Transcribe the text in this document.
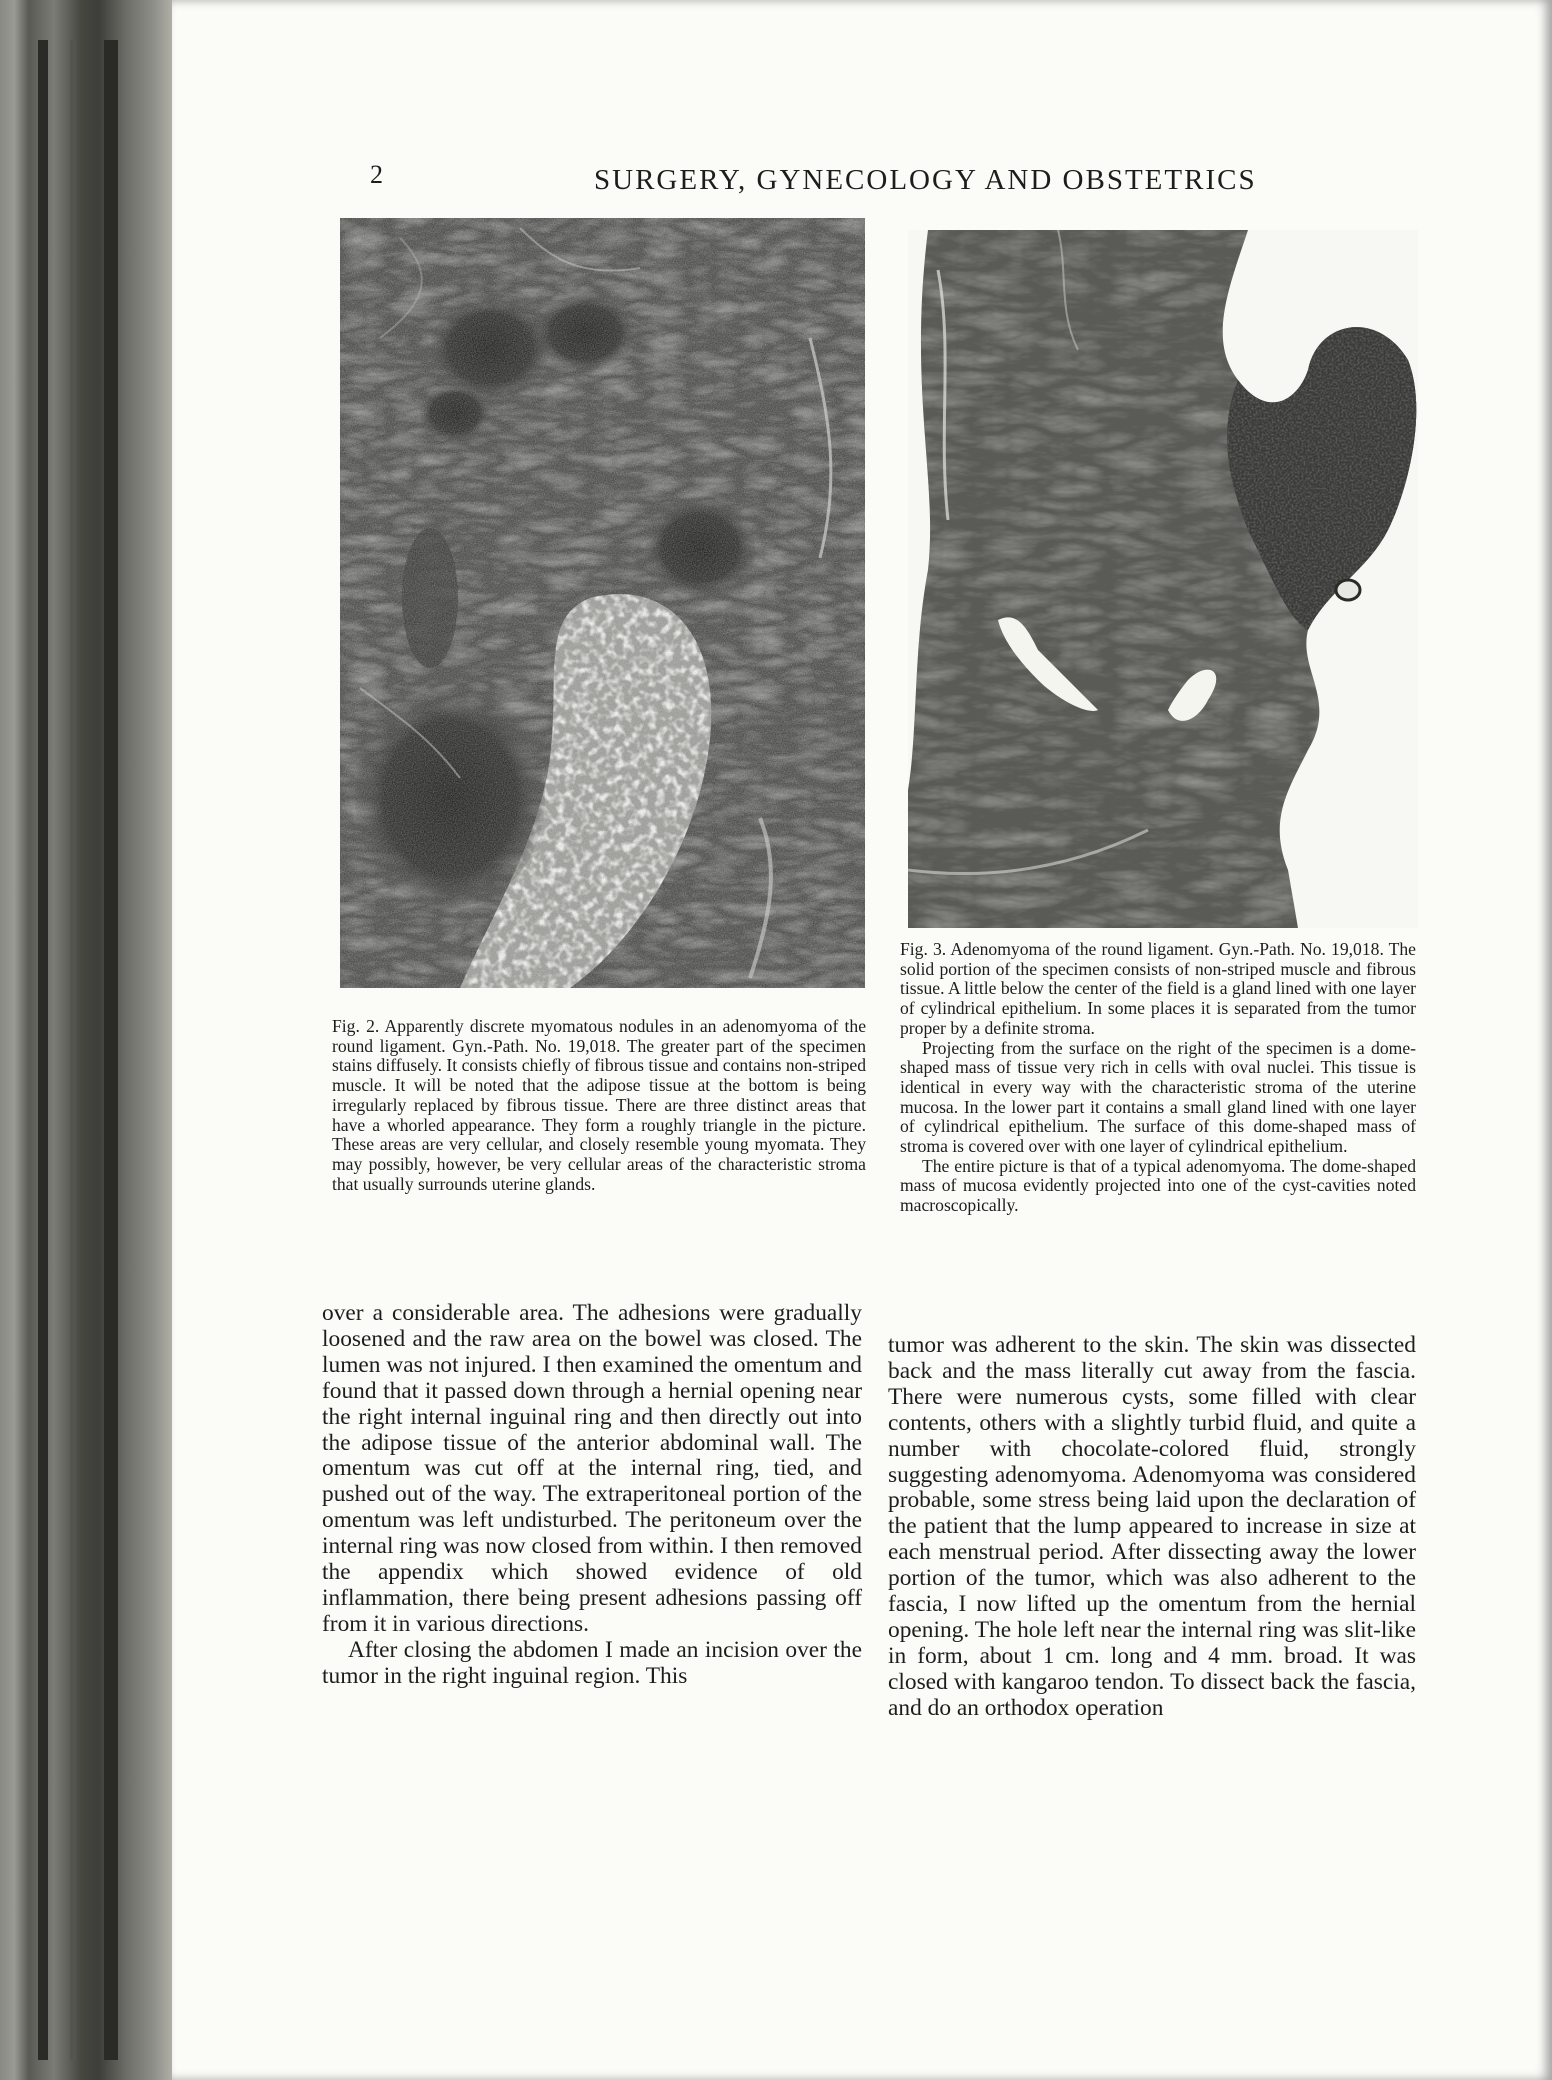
2	SURGERY, GYNECOLOGY AND OBSTETRICS

Fig. 2. Apparently discrete myomatous nodules in an adenomyoma of the round ligament. Gyn.-Path. No. 19,018. The greater part of the specimen stains diffusely. It consists chiefly of fibrous tissue and contains non-striped muscle. It will be noted that the adipose tissue at the bottom is being irregularly replaced by fibrous tissue. There are three distinct areas that have a whorled appearance. They form a roughly triangle in the picture. These areas are very cellular, and closely resemble young myomata. They may possibly, however, be very cellular areas of the characteristic stroma that usually surrounds uterine glands.

Fig. 3. Adenomyoma of the round ligament. Gyn.-Path. No. 19,018. The solid portion of the specimen consists of non-striped muscle and fibrous tissue. A little below the center of the field is a gland lined with one layer of cylindrical epithelium. In some places it is separated from the tumor proper by a definite stroma.

Projecting from the surface on the right of the specimen is a dome-shaped mass of tissue very rich in cells with oval nuclei. This tissue is identical in every way with the characteristic stroma of the uterine mucosa. In the lower part it contains a small gland lined with one layer of cylindrical epithelium. The surface of this dome-shaped mass of stroma is covered over with one layer of cylindrical epithelium.

The entire picture is that of a typical adenomyoma. The dome-shaped mass of mucosa evidently projected into one of the cyst-cavities noted macroscopically.

over a considerable area. The adhesions were gradually loosened and the raw area on the bowel was closed. The lumen was not injured. I then examined the omentum and found that it passed down through a hernial opening near the right internal inguinal ring and then directly out into the adipose tissue of the anterior abdominal wall. The omentum was cut off at the internal ring, tied, and pushed out of the way. The extraperitoneal portion of the omentum was left undisturbed. The peritoneum over the internal ring was now closed from within. I then removed the appendix which showed evidence of old inflammation, there being present adhesions passing off from it in various directions.

After closing the abdomen I made an incision over the tumor in the right inguinal region. This

tumor was adherent to the skin. The skin was dissected back and the mass literally cut away from the fascia. There were numerous cysts, some filled with clear contents, others with a slightly turbid fluid, and quite a number with chocolate-colored fluid, strongly suggesting adenomyoma. Adenomyoma was considered probable, some stress being laid upon the declaration of the patient that the lump appeared to increase in size at each menstrual period. After dissecting away the lower portion of the tumor, which was also adherent to the fascia, I now lifted up the omentum from the hernial opening. The hole left near the internal ring was slit-like in form, about 1 cm. long and 4 mm. broad. It was closed with kangaroo tendon. To dissect back the fascia, and do an orthodox operation
